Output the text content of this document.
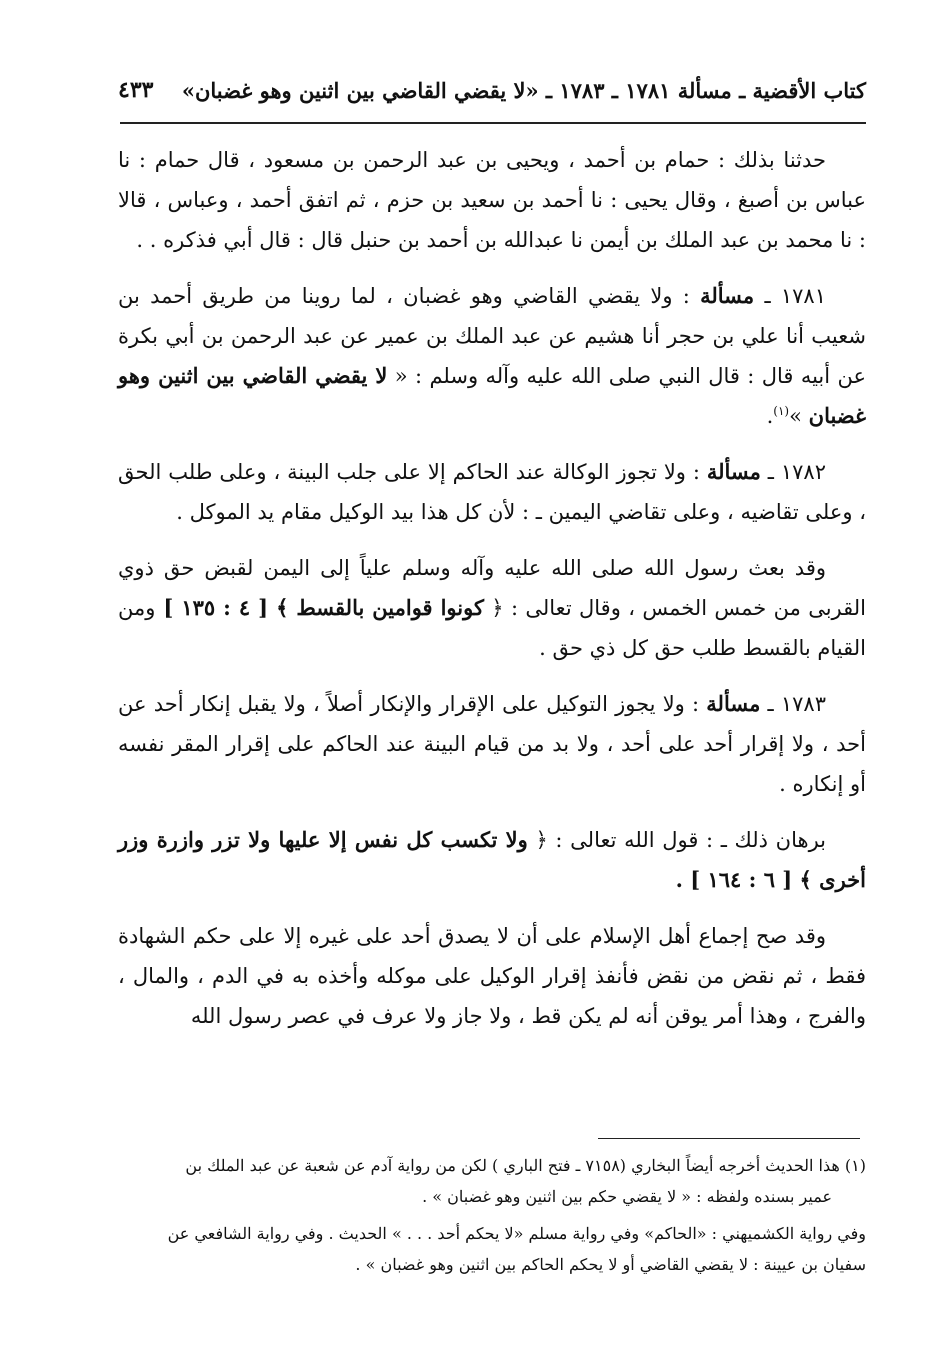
كتاب الأقضية ـ مسألة ١٧٨١ ـ ١٧٨٣ ـ «لا يقضي القاضي بين اثنين وهو غضبان»
٤٣٣

حدثنا بذلك : حمام بن أحمد ، ويحيى بن عبد الرحمن بن مسعود ، قال حمام : نا عباس بن أصبغ ، وقال يحيى : نا أحمد بن سعيد بن حزم ، ثم اتفق أحمد ، وعباس ، قالا : نا محمد بن عبد الملك بن أيمن نا عبدالله بن أحمد بن حنبل قال : قال أبي فذكره . .

١٧٨١ ـ مسألة : ولا يقضي القاضي وهو غضبان ، لما روينا من طريق أحمد بن شعيب أنا علي بن حجر أنا هشيم عن عبد الملك بن عمير عن عبد الرحمن بن أبي بكرة عن أبيه قال : قال النبي صلى الله عليه وآله وسلم : « لا يقضي القاضي بين اثنين وهو غضبان »$^{(١)}$.

١٧٨٢ ـ مسألة : ولا تجوز الوكالة عند الحاكم إلا على جلب البينة ، وعلى طلب الحق ، وعلى تقاضيه ، وعلى تقاضي اليمين ـ : لأن كل هذا بيد الوكيل مقام يد الموكل .

وقد بعث رسول الله صلى الله عليه وآله وسلم علياً إلى اليمن لقبض حق ذوي القربى من خمس الخمس ، وقال تعالى : ﴿ كونوا قوامين بالقسط ﴾ [ ٤ : ١٣٥ ] ومن القيام بالقسط طلب حق كل ذي حق .

١٧٨٣ ـ مسألة : ولا يجوز التوكيل على الإقرار والإنكار أصلاً ، ولا يقبل إنكار أحد عن أحد ، ولا إقرار أحد على أحد ، ولا بد من قيام البينة عند الحاكم على إقرار المقر نفسه أو إنكاره .

برهان ذلك ـ : قول الله تعالى : ﴿ ولا تكسب كل نفس إلا عليها ولا تزر وازرة وزر أخرى ﴾ [ ٦ : ١٦٤ ] .

وقد صح إجماع أهل الإسلام على أن لا يصدق أحد على غيره إلا على حكم الشهادة فقط ، ثم نقض من نقض فأنفذ إقرار الوكيل على موكله وأخذه به في الدم ، والمال ، والفرج ، وهذا أمر يوقن أنه لم يكن قط ، ولا جاز ولا عرف في عصر رسول الله

(١) هذا الحديث أخرجه أيضاً البخاري (٧١٥٨ ـ فتح الباري ) لكن من رواية آدم عن شعبة عن عبد الملك بن
عمير بسنده ولفظه : « لا يقضي حكم بين اثنين وهو غضبان » .

وفي رواية الكشميهني : «الحاكم» وفي رواية مسلم «لا يحكم أحد . . . » الحديث . وفي رواية الشافعي عن
سفيان بن عيينة : لا يقضي القاضي أو لا يحكم الحاكم بين اثنين وهو غضبان » .
